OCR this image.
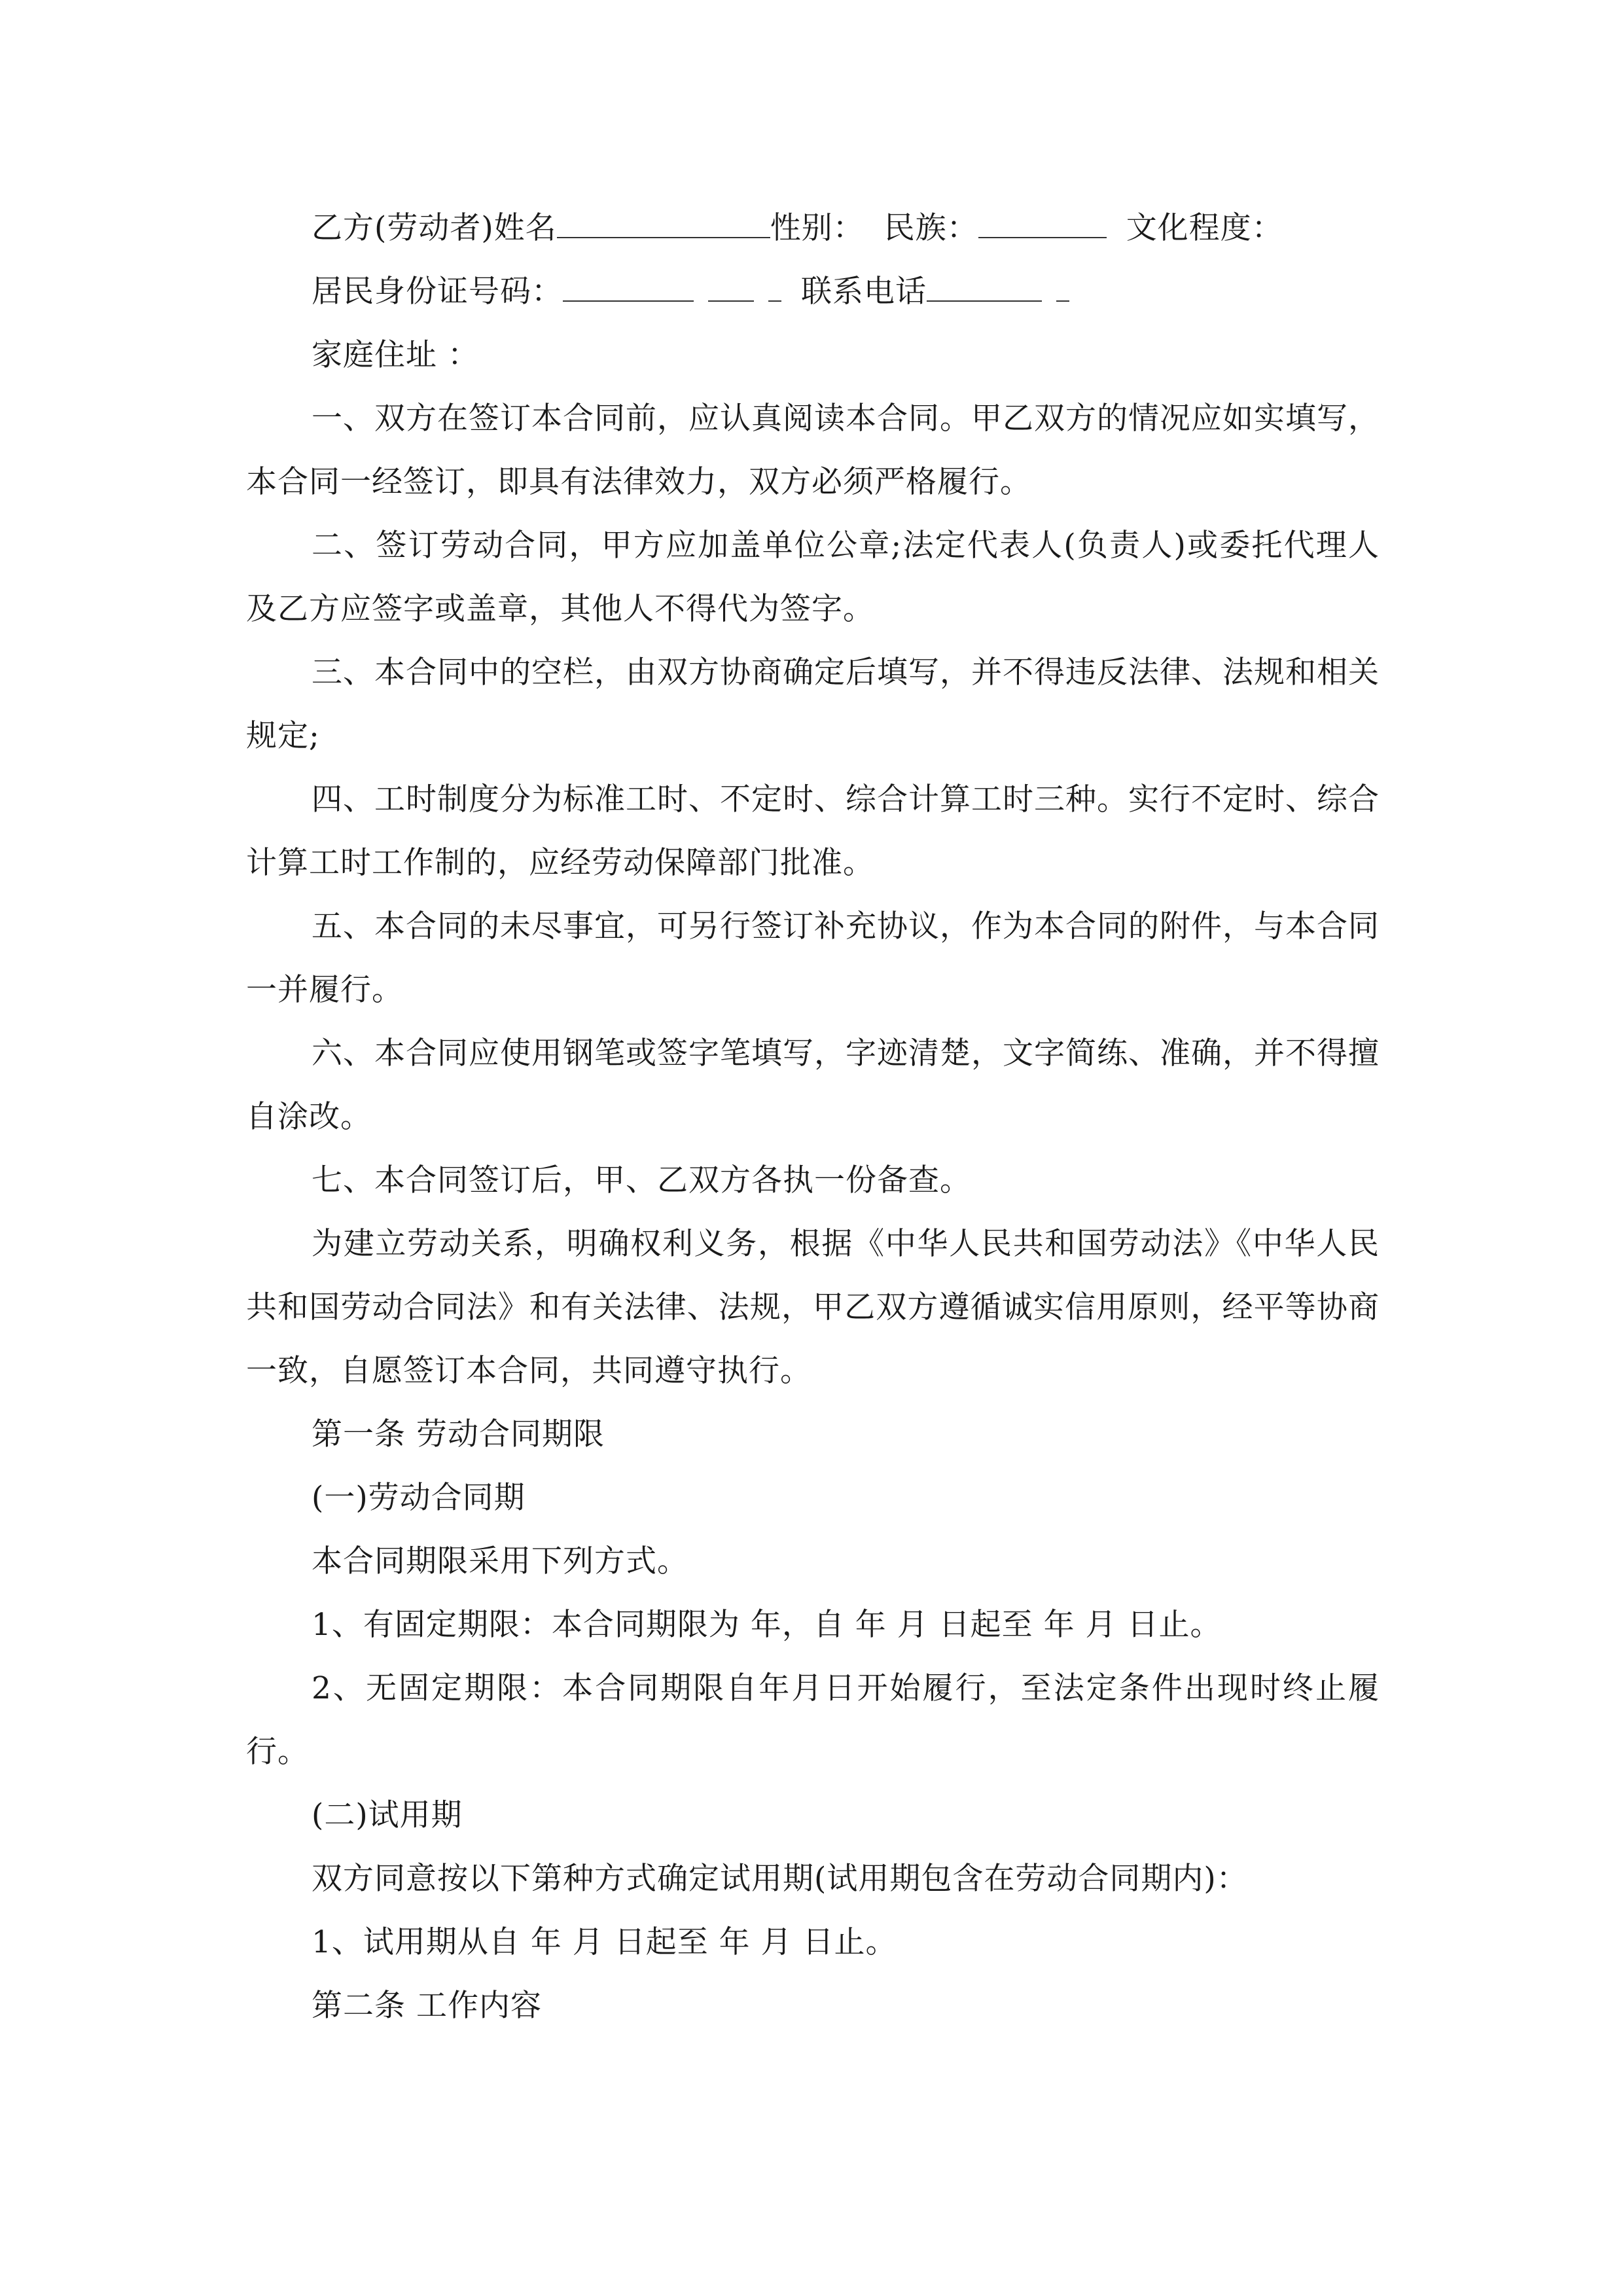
乙方(劳动者)姓名	性别： 民族：	文化程度：
居民身份证号码：	联系电话
家庭住址 ：
一、双方在签订本合同前，应认真阅读本合同。甲乙双方的情况应如实填写，本合同一经签订，即具有法律效力，双方必须严格履行。
二、签订劳动合同，甲方应加盖单位公章;法定代表人(负责人)或委托代理人及乙方应签字或盖章，其他人不得代为签字。
三、本合同中的空栏，由双方协商确定后填写，并不得违反法律、法规和相关规定;
四、工时制度分为标准工时、不定时、综合计算工时三种。实行不定时、综合计算工时工作制的，应经劳动保障部门批准。
五、本合同的未尽事宜，可另行签订补充协议，作为本合同的附件，与本合同一并履行。
六、本合同应使用钢笔或签字笔填写，字迹清楚，文字简练、准确，并不得擅自涂改。
七、本合同签订后，甲、乙双方各执一份备查。
为建立劳动关系，明确权利义务，根据《中华人民共和国劳动法》《中华人民共和国劳动合同法》和有关法律、法规，甲乙双方遵循诚实信用原则，经平等协商一致，自愿签订本合同，共同遵守执行。
第一条 劳动合同期限
(一)劳动合同期
本合同期限采用下列方式。
1、有固定期限：本合同期限为 年，自 年 月 日起至 年 月 日止。
2、无固定期限：本合同期限自年月日开始履行，至法定条件出现时终止履行。
(二)试用期
双方同意按以下第种方式确定试用期(试用期包含在劳动合同期内)：
1、试用期从自 年 月 日起至 年 月 日止。
第二条 工作内容
